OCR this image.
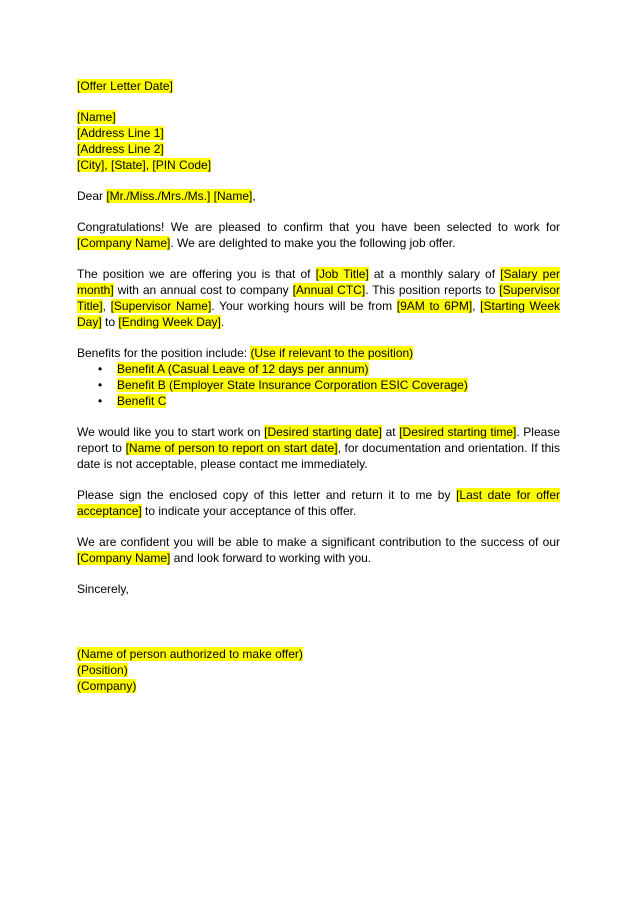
[Offer Letter Date]
[Name]
[Address Line 1]
[Address Line 2]
[City], [State], [PIN Code]
Dear [Mr./Miss./Mrs./Ms.] [Name],
Congratulations! We are pleased to confirm that you have been selected to work for [Company Name]. We are delighted to make you the following job offer.
The position we are offering you is that of [Job Title] at a monthly salary of [Salary per month] with an annual cost to company [Annual CTC]. This position reports to [Supervisor Title], [Supervisor Name]. Your working hours will be from [9AM to 6PM], [Starting Week Day] to [Ending Week Day].
Benefits for the position include: (Use if relevant to the position)
• Benefit A (Casual Leave of 12 days per annum)
• Benefit B (Employer State Insurance Corporation ESIC Coverage)
• Benefit C
We would like you to start work on [Desired starting date] at [Desired starting time]. Please report to [Name of person to report on start date], for documentation and orientation. If this date is not acceptable, please contact me immediately.
Please sign the enclosed copy of this letter and return it to me by [Last date for offer acceptance] to indicate your acceptance of this offer.
We are confident you will be able to make a significant contribution to the success of our [Company Name] and look forward to working with you.
Sincerely,
(Name of person authorized to make offer)
(Position)
(Company)
